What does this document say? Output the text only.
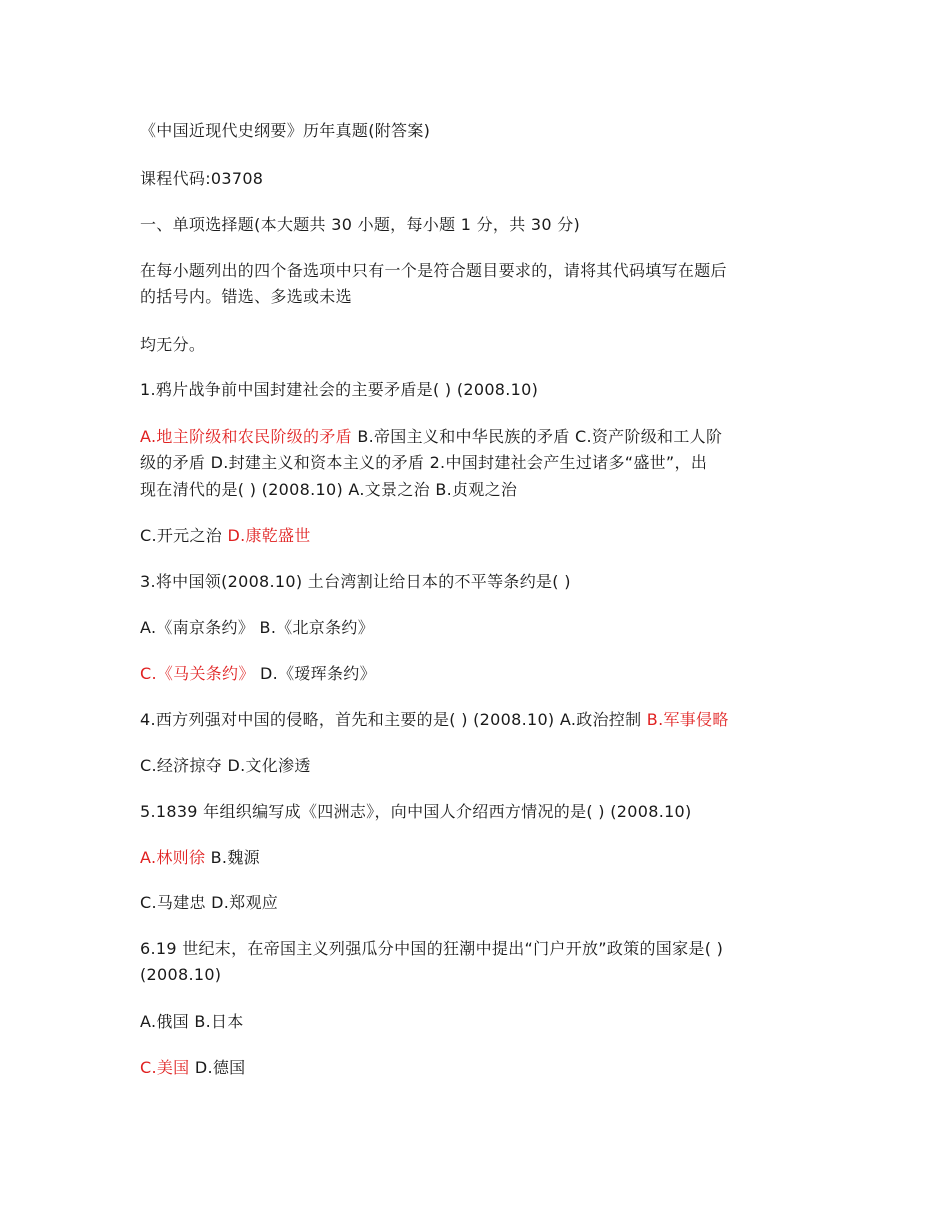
《中国近现代史纲要》历年真题(附答案)
课程代码:03708
一、单项选择题(本大题共 30 小题，每小题 1 分，共 30 分)
在每小题列出的四个备选项中只有一个是符合题目要求的，请将其代码填写在题后
的括号内。错选、多选或未选
均无分。
1.鸦片战争前中国封建社会的主要矛盾是( ) (2008.10)
A.地主阶级和农民阶级的矛盾 B.帝国主义和中华民族的矛盾 C.资产阶级和工人阶
级的矛盾 D.封建主义和资本主义的矛盾 2.中国封建社会产生过诸多“盛世”，出
现在清代的是( ) (2008.10) A.文景之治 B.贞观之治
C.开元之治 D.康乾盛世
3.将中国领(2008.10) 土台湾割让给日本的不平等条约是( )
A.《南京条约》 B.《北京条约》
C.《马关条约》 D.《瑷珲条约》
4.西方列强对中国的侵略，首先和主要的是( ) (2008.10) A.政治控制 B.军事侵略
C.经济掠夺 D.文化渗透
5.1839 年组织编写成《四洲志》，向中国人介绍西方情况的是( ) (2008.10)
A.林则徐 B.魏源
C.马建忠 D.郑观应
6.19 世纪末，在帝国主义列强瓜分中国的狂潮中提出“门户开放”政策的国家是( )
(2008.10)
A.俄国 B.日本
C.美国 D.德国
